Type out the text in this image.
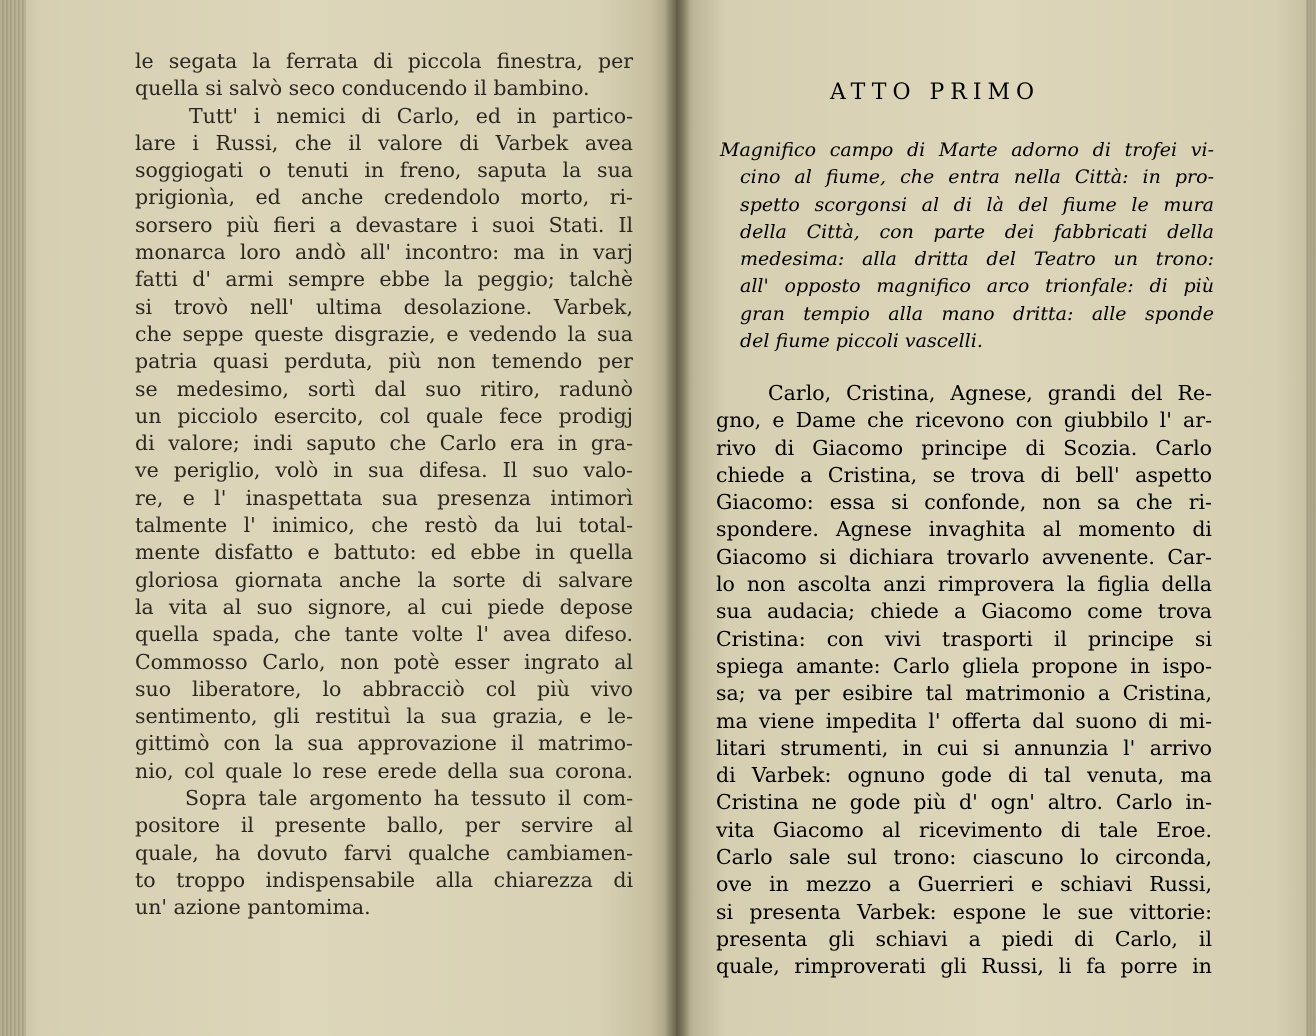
le segata la ferrata di piccola finestra, per
quella si salvò seco conducendo il bambino.
Tutt' i nemici di Carlo, ed in partico-
lare i Russi, che il valore di Varbek avea
soggiogati o tenuti in freno, saputa la sua
prigionìa, ed anche credendolo morto, ri-
sorsero più fieri a devastare i suoi Stati. Il
monarca loro andò all' incontro: ma in varj
fatti d' armi sempre ebbe la peggio; talchè
si trovò nell' ultima desolazione. Varbek,
che seppe queste disgrazie, e vedendo la sua
patria quasi perduta, più non temendo per
se medesimo, sortì dal suo ritiro, radunò
un picciolo esercito, col quale fece prodigj
di valore; indi saputo che Carlo era in gra-
ve periglio, volò in sua difesa. Il suo valo-
re, e l' inaspettata sua presenza intimorì
talmente l' inimico, che restò da lui total-
mente disfatto e battuto: ed ebbe in quella
gloriosa giornata anche la sorte di salvare
la vita al suo signore, al cui piede depose
quella spada, che tante volte l' avea difeso.
Commosso Carlo, non potè esser ingrato al
suo liberatore, lo abbracciò col più vivo
sentimento, gli restituì la sua grazia, e le-
gittimò con la sua approvazione il matrimo-
nio, col quale lo rese erede della sua corona.
Sopra tale argomento ha tessuto il com-
positore il presente ballo, per servire al
quale, ha dovuto farvi qualche cambiamen-
to troppo indispensabile alla chiarezza di
un' azione pantomima.
ATTO PRIMO
Magnifico campo di Marte adorno di trofei vi-
cino al fiume, che entra nella Città: in pro-
spetto scorgonsi al di là del fiume le mura
della Città, con parte dei fabbricati della
medesima: alla dritta del Teatro un trono:
all' opposto magnifico arco trionfale: di più
gran tempio alla mano dritta: alle sponde
del fiume piccoli vascelli.
Carlo, Cristina, Agnese, grandi del Re-
gno, e Dame che ricevono con giubbilo l' ar-
rivo di Giacomo principe di Scozia. Carlo
chiede a Cristina, se trova di bell' aspetto
Giacomo: essa si confonde, non sa che ri-
spondere. Agnese invaghita al momento di
Giacomo si dichiara trovarlo avvenente. Car-
lo non ascolta anzi rimprovera la figlia della
sua audacia; chiede a Giacomo come trova
Cristina: con vivi trasporti il principe si
spiega amante: Carlo gliela propone in ispo-
sa; va per esibire tal matrimonio a Cristina,
ma viene impedita l' offerta dal suono di mi-
litari strumenti, in cui si annunzia l' arrivo
di Varbek: ognuno gode di tal venuta, ma
Cristina ne gode più d' ogn' altro. Carlo in-
vita Giacomo al ricevimento di tale Eroe.
Carlo sale sul trono: ciascuno lo circonda,
ove in mezzo a Guerrieri e schiavi Russi,
si presenta Varbek: espone le sue vittorie:
presenta gli schiavi a piedi di Carlo, il
quale, rimproverati gli Russi, li fa porre in
